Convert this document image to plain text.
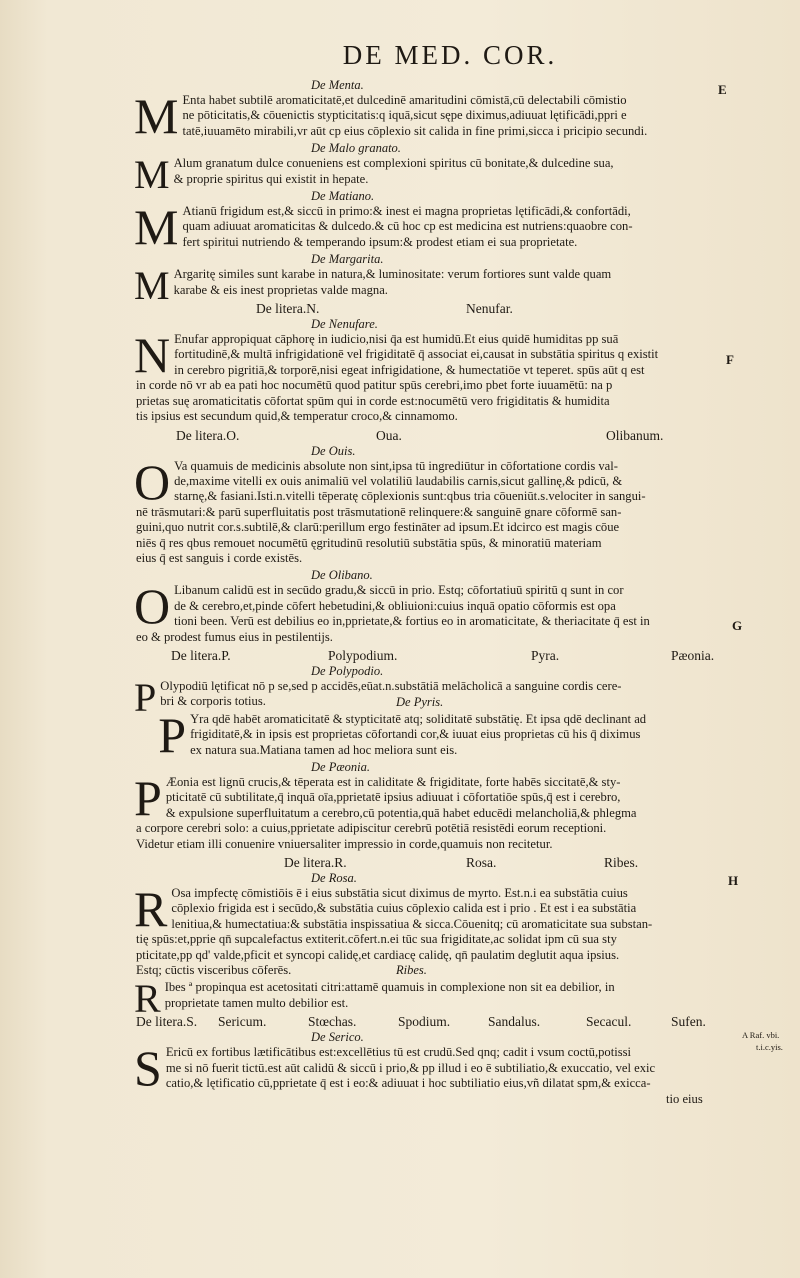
DE MED. COR.
E
F
G
H
A Raf. vbi.
t.i.c.yis.
De Menta.
M Enta habet subtilē aromaticitatē,et dulcedinē amaritudini cōmistā,cū delectabili cōmistio
ne pōticitatis,& cōuenictis stypticitatis:q iquā,sicut sępe diximus,adiuuat lętificādi,ppri e
tatē,iuuamēto mirabili,vr aūt cp eius cōplexio sit calida in fine primi,sicca i pricipio secundi.
De Malo granato.
M Alum granatum dulce conueniens est complexioni spiritus cū bonitate,& dulcedine sua,
& proprie spiritus qui existit in hepate.
De Matiano.
M Atianū frigidum est,& siccū in primo:& inest ei magna proprietas lętificādi,& confortādi,
quam adiuuat aromaticitas & dulcedo.& cū hoc cp est medicina est nutriens:quaobre con-
fert spiritui nutriendo & temperando ipsum:& prodest etiam ei sua proprietate.
De Margarita.
M Argaritę similes sunt karabe in natura,& luminositate: verum fortiores sunt valde quam
karabe & eis inest proprietas valde magna.
De litera.N.	Nenufar.
De Nenufare.
N Enufar appropiquat cāphorę in iudicio,nisi q̄a est humidū.Et eius quidē humiditas pp suā
fortitudinē,& multā infrigidationē vel frigiditatē q̄ associat ei,causat in substātia spiritus q existit
in cerebro pigritiā,& torporē,nisi egeat infrigidatione, & humectatiōe vt teperet. spūs aūt q est
in corde nō vr ab ea pati hoc nocumētū quod patitur spūs cerebri,imo pbet forte iuuamētū: na p
prietas suę aromaticitatis cōfortat spūm qui in corde est:nocumētū vero frigiditatis & humidita
tis ipsius est secundum quid,& temperatur croco,& cinnamomo.
De litera.O.	Oua.	Olibanum.
De Ouis.
O Va quamuis de medicinis absolute non sint,ipsa tū ingrediūtur in cōfortatione cordis val-
de,maxime vitelli ex ouis animaliū vel volatiliū laudabilis carnis,sicut gallinę,& pdicū, &
starnę,& fasiani.Isti.n.vitelli tēperatę cōplexionis sunt:qbus tria cōueniūt.s.velociter in sangui-
nē trāsmutari:& parū superfluitatis post trāsmutationē relinquere:& sanguinē gnare cōformē san-
guini,quo nutrit cor.s.subtilē,& clarū:perillum ergo festināter ad ipsum.Et idcirco est magis cōue
niēs q̄ res qbus remouet nocumētū ęgritudinū resolutiū substātia spūs, & minoratiū materiam
eius q̄ est sanguis i corde existēs.
De Olibano.
O Libanum calidū est in secūdo gradu,& siccū in prio. Estq; cōfortatiuū spiritū q sunt in cor
de & cerebro,et,pinde cōfert hebetudini,& obliuioni:cuius inquā opatio cōformis est opa
tioni been. Verū est debilius eo in,pprietate,& fortius eo in aromaticitate, & theriacitate q̄ est in
eo & prodest fumus eius in pestilentijs.
De litera.P.	Polypodium.	Pyra.	Pæonia.
De Polypodio.
P Olypodiū lętificat nō p se,sed p accidēs,eūat.n.substātiā melācholicā a sanguine cordis cere-
bri & corporis totius.	De Pyris.
P Yra qdē habēt aromaticitatē & stypticitatē atq; soliditatē substātię. Et ipsa qdē declinant ad
frigiditatē,& in ipsis est proprietas cōfortandi cor,& iuuat eius proprietas cū his q̄ diximus
ex natura sua.Matiana tamen ad hoc meliora sunt eis.
De Pæonia.
P Æonia est lignū crucis,& tēperata est in caliditate & frigiditate, forte habēs siccitatē,& sty-
pticitatē cū subtilitate,q̄ inquā oīa,pprietatē ipsius adiuuat i cōfortatiōe spūs,q̄ est i cerebro,
& expulsione superfluitatum a cerebro,cū potentia,quā habet educēdi melancholiā,& phlegma
a corpore cerebri solo: a cuius,pprietate adipiscitur cerebrū potētiā resistēdi eorum receptioni.
Videtur etiam illi conuenire vniuersaliter impressio in corde,quamuis non recitetur.
De litera.R.	Rosa.	Ribes.
De Rosa.
R Osa impfectę cōmistiōis ē i eius substātia sicut diximus de myrto. Est.n.i ea substātia cuius
cōplexio frigida est i secūdo,& substātia cuius cōplexio calida est i prio . Et est i ea substātia
lenitiua,& humectatiua:& substātia inspissatiua & sicca.Cōuenitq; cū aromaticitate sua substan-
tię spūs:et,pprie qn̄ supcalefactus extiterit.cōfert.n.ei tūc sua frigiditate,ac solidat ipm cū sua sty
pticitate,pp qd' valde,pficit et syncopi calidę,et cardiacę calidę, qn̄ paulatim deglutit aqua ipsius.
Estq; cūctis visceribus cōferēs.	Ribes.
R Ibes ª propinqua est acetositati citri:attamē quamuis in complexione non sit ea debilior, in
proprietate tamen multo debilior est.
De litera.S. Sericum.	Stœchas.	Spodium.	Sandalus.	Secacul.	Sufen.
De Serico.
S Ericū ex fortibus lætificātibus est:excellētius tū est crudū.Sed qnq; cadit i vsum coctū,potissi
me si nō fuerit tictū.est aūt calidū & siccū i prio,& pp illud i eo ē subtiliatio,& exuccatio, vel exic
catio,& lętificatio cū,pprietate q̄ est i eo:& adiuuat i hoc subtiliatio eius,vñ dilatat spm,& exicca-
tio eius
